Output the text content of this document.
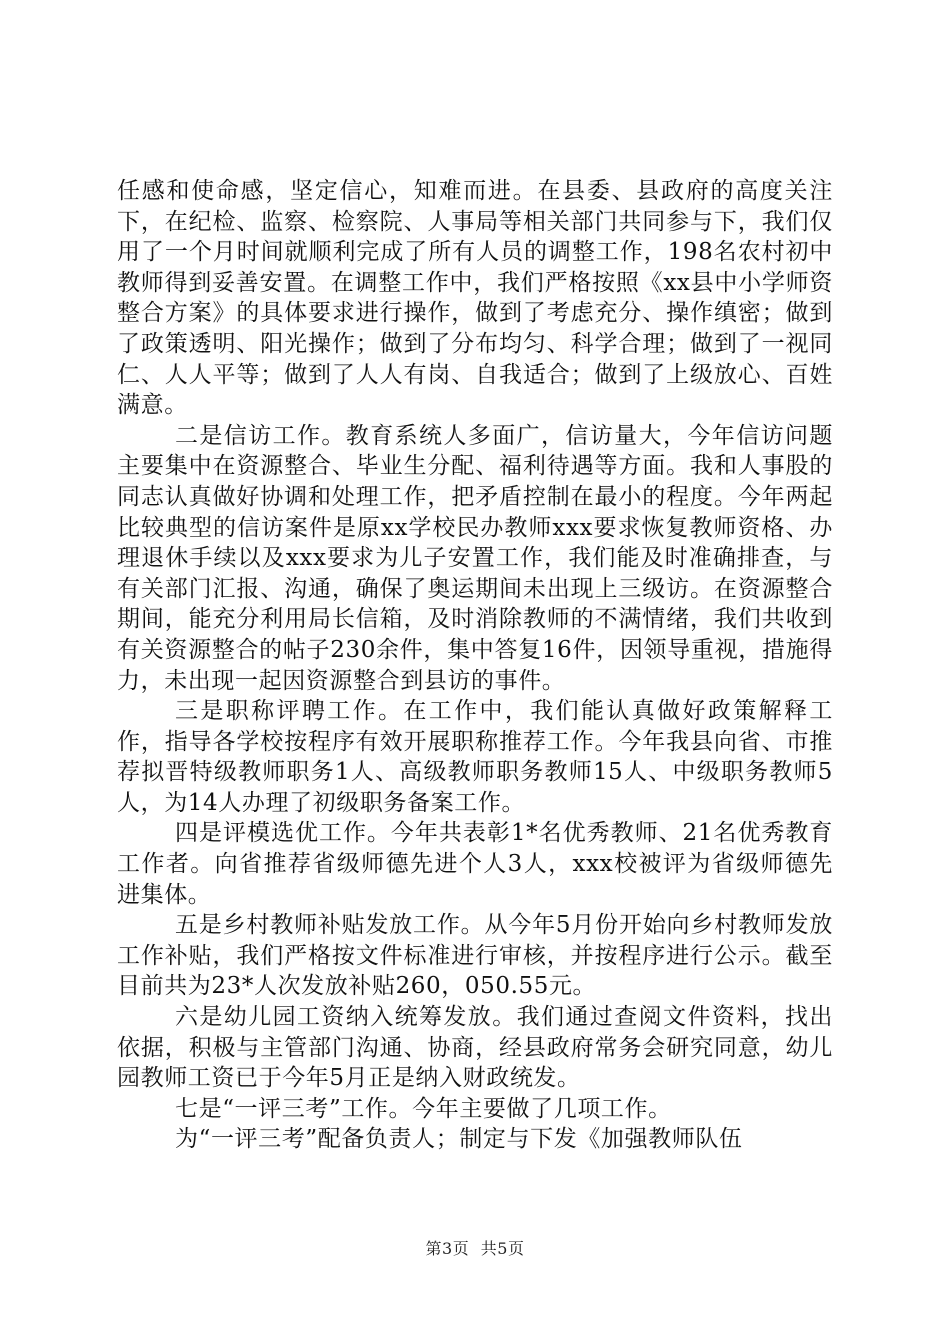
任感和使命感，坚定信心，知难而进。在县委、县政府的高度关注下，在纪检、监察、检察院、人事局等相关部门共同参与下，我们仅用了一个月时间就顺利完成了所有人员的调整工作，198名农村初中教师得到妥善安置。在调整工作中，我们严格按照《xx县中小学师资整合方案》的具体要求进行操作，做到了考虑充分、操作缜密；做到了政策透明、阳光操作；做到了分布均匀、科学合理；做到了一视同仁、人人平等；做到了人人有岗、自我适合；做到了上级放心、百姓满意。

二是信访工作。教育系统人多面广，信访量大，今年信访问题主要集中在资源整合、毕业生分配、福利待遇等方面。我和人事股的同志认真做好协调和处理工作，把矛盾控制在最小的程度。今年两起比较典型的信访案件是原xx学校民办教师xxx要求恢复教师资格、办理退休手续以及xxx要求为儿子安置工作，我们能及时准确排查，与有关部门汇报、沟通，确保了奥运期间未出现上三级访。在资源整合期间，能充分利用局长信箱，及时消除教师的不满情绪，我们共收到有关资源整合的帖子230余件，集中答复16件，因领导重视，措施得力，未出现一起因资源整合到县访的事件。

三是职称评聘工作。在工作中，我们能认真做好政策解释工作，指导各学校按程序有效开展职称推荐工作。今年我县向省、市推荐拟晋特级教师职务1人、高级教师职务教师15人、中级职务教师5人，为14人办理了初级职务备案工作。

四是评模选优工作。今年共表彰1*名优秀教师、21名优秀教育工作者。向省推荐省级师德先进个人3人，xxx校被评为省级师德先进集体。

五是乡村教师补贴发放工作。从今年5月份开始向乡村教师发放工作补贴，我们严格按文件标准进行审核，并按程序进行公示。截至目前共为23*人次发放补贴260，050.55元。

六是幼儿园工资纳入统筹发放。我们通过查阅文件资料，找出依据，积极与主管部门沟通、协商，经县政府常务会研究同意，幼儿园教师工资已于今年5月正是纳入财政统发。

七是“一评三考”工作。今年主要做了几项工作。

为“一评三考”配备负责人；制定与下发《加强教师队伍

第3页 共5页
